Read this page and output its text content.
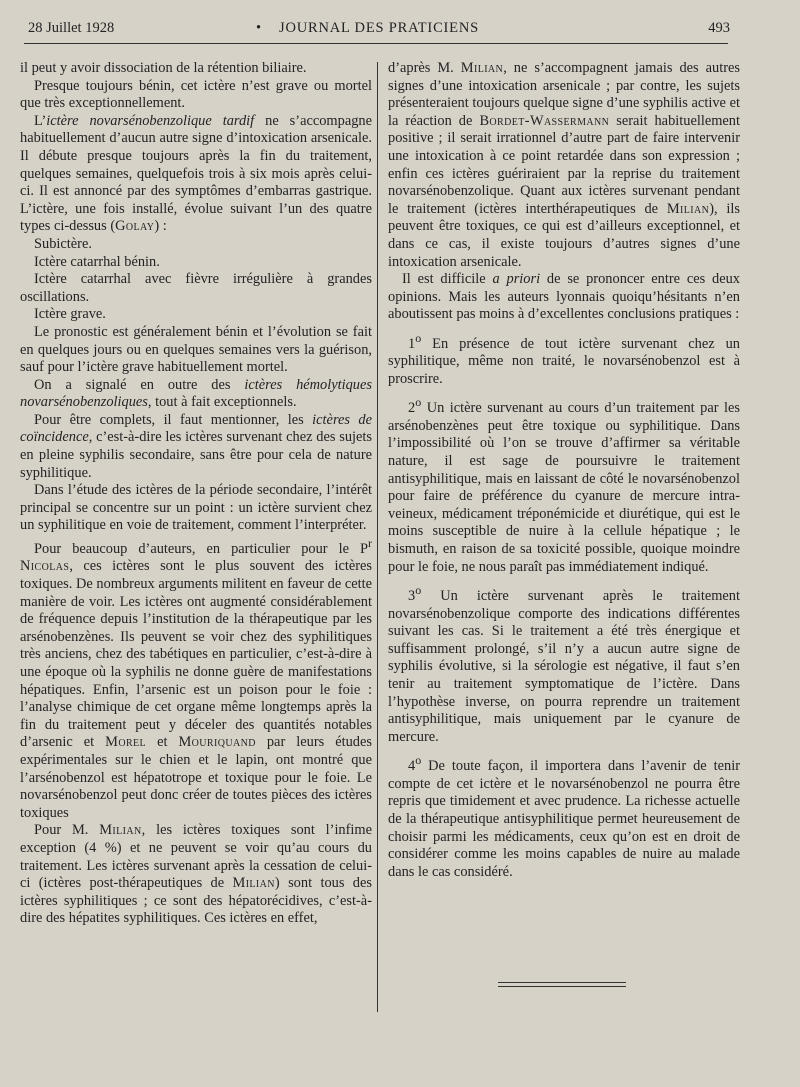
28 Juillet 1928	•	JOURNAL DES PRATICIENS	493

il peut y avoir dissociation de la rétention biliaire.

Presque toujours bénin, cet ictère n’est grave ou mortel que très exceptionnellement.

L’ictère novarsénobenzolique tardif ne s’accompagne habituellement d’aucun autre signe d’intoxication arsenicale. Il débute presque toujours après la fin du traitement, quelques semaines, quelquefois trois à six mois après celui-ci. Il est annoncé par des symptômes d’embarras gastrique. L’ictère, une fois installé, évolue suivant l’un des quatre types ci-dessus (Golay) :

Subictère.

Ictère catarrhal bénin.

Ictère catarrhal avec fièvre irrégulière à grandes oscillations.

Ictère grave.

Le pronostic est généralement bénin et l’évolution se fait en quelques jours ou en quelques semaines vers la guérison, sauf pour l’ictère grave habituellement mortel.

On a signalé en outre des ictères hémolytiques novarsénobenzoliques, tout à fait exceptionnels.

Pour être complets, il faut mentionner, les ictères de coïncidence, c’est-à-dire les ictères survenant chez des sujets en pleine syphilis secondaire, sans être pour cela de nature syphilitique.

Dans l’étude des ictères de la période secondaire, l’intérêt principal se concentre sur un point : un ictère survient chez un syphilitique en voie de traitement, comment l’interpréter.

Pour beaucoup d’auteurs, en particulier pour le $P^r$ Nicolas, ces ictères sont le plus souvent des ictères toxiques. De nombreux arguments militent en faveur de cette manière de voir. Les ictères ont augmenté considérablement de fréquence depuis l’institution de la thérapeutique par les arsénobenzènes. Ils peuvent se voir chez des syphilitiques très anciens, chez des tabétiques en particulier, c’est-à-dire à une époque où la syphilis ne donne guère de manifestations hépatiques. Enfin, l’arsenic est un poison pour le foie : l’analyse chimique de cet organe même longtemps après la fin du traitement peut y déceler des quantités notables d’arsenic et Morel et Mouriquand par leurs études expérimentales sur le chien et le lapin, ont montré que l’arsénobenzol est hépatotrope et toxique pour le foie. Le novarsénobenzol peut donc créer de toutes pièces des ictères toxiques

Pour M. Milian, les ictères toxiques sont l’infime exception (4 %) et ne peuvent se voir qu’au cours du traitement. Les ictères survenant après la cessation de celui-ci (ictères post-thérapeutiques de Milian) sont tous des ictères syphilitiques ; ce sont des hépatorécidives, c’est-à-dire des hépatites syphilitiques. Ces ictères en effet,

d’après M. Milian, ne s’accompagnent jamais des autres signes d’une intoxication arsenicale ; par contre, les sujets présenteraient toujours quelque signe d’une syphilis active et la réaction de Bordet-Wassermann serait habituellement positive ; il serait irrationnel d’autre part de faire intervenir une intoxication à ce point retardée dans son expression ; enfin ces ictères guériraient par la reprise du traitement novarsénobenzolique. Quant aux ictères survenant pendant le traitement (ictères interthérapeutiques de Milian), ils peuvent être toxiques, ce qui est d’ailleurs exceptionnel, et dans ce cas, il existe toujours d’autres signes d’une intoxication arsenicale.

Il est difficile a priori de se prononcer entre ces deux opinions. Mais les auteurs lyonnais quoiqu’hésitants n’en aboutissent pas moins à d’excellentes conclusions pratiques :

1$^o$ En présence de tout ictère survenant chez un syphilitique, même non traité, le novarsénobenzol est à proscrire.

2$^o$ Un ictère survenant au cours d’un traitement par les arsénobenzènes peut être toxique ou syphilitique. Dans l’impossibilité où l’on se trouve d’affirmer sa véritable nature, il est sage de poursuivre le traitement antisyphilitique, mais en laissant de côté le novarsénobenzol pour faire de préférence du cyanure de mercure intra-veineux, médicament tréponémicide et diurétique, qui est le moins susceptible de nuire à la cellule hépatique ; le bismuth, en raison de sa toxicité possible, quoique moindre pour le foie, ne nous paraît pas immédiatement indiqué.

3$^o$ Un ictère survenant après le traitement novarsénobenzolique comporte des indications différentes suivant les cas. Si le traitement a été très énergique et suffisamment prolongé, s’il n’y a aucun autre signe de syphilis évolutive, si la sérologie est négative, il faut s’en tenir au traitement symptomatique de l’ictère. Dans l’hypothèse inverse, on pourra reprendre un traitement antisyphilitique, mais uniquement par le cyanure de mercure.

4$^o$ De toute façon, il importera dans l’avenir de tenir compte de cet ictère et le novarsénobenzol ne pourra être repris que timidement et avec prudence. La richesse actuelle de la thérapeutique antisyphilitique permet heureusement de choisir parmi les médicaments, ceux qu’on est en droit de considérer comme les moins capables de nuire au malade dans le cas considéré.
